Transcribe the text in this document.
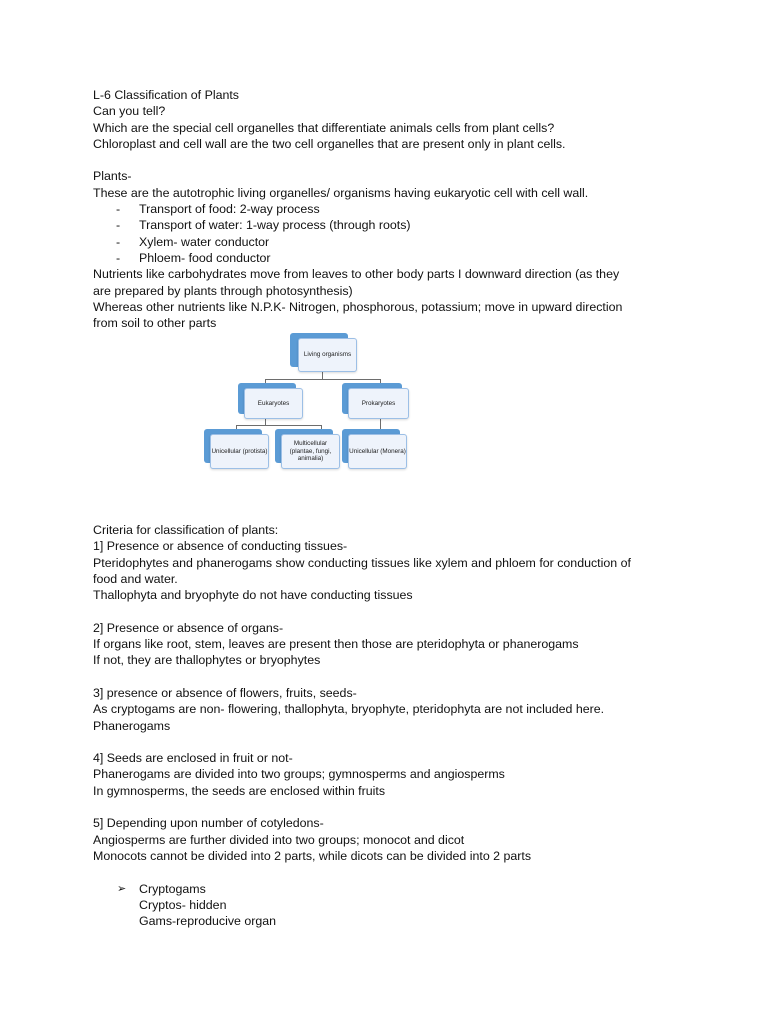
L-6 Classification of Plants
Can you tell?
Which are the special cell organelles that differentiate animals cells from plant cells?
Chloroplast and cell wall are the two cell organelles that are present only in plant cells.
Plants-
These are the autotrophic living organelles/ organisms having eukaryotic cell with cell wall.
- Transport of food: 2-way process
- Transport of water: 1-way process (through roots)
- Xylem- water conductor
- Phloem- food conductor
Nutrients like carbohydrates move from leaves to other body parts I downward direction (as they
are prepared by plants through photosynthesis)
Whereas other nutrients like N.P.K- Nitrogen, phosphorous, potassium; move in upward direction
from soil to other parts
Living organisms
Eukaryotes	Prokaryotes
Unicellular (protista)
Multicellular (plantae, fungi, animalia)
Unicellular (Monera)
Criteria for classification of plants:
1] Presence or absence of conducting tissues-
Pteridophytes and phanerogams show conducting tissues like xylem and phloem for conduction of
food and water.
Thallophyta and bryophyte do not have conducting tissues
2] Presence or absence of organs-
If organs like root, stem, leaves are present then those are pteridophyta or phanerogams
If not, they are thallophytes or bryophytes
3] presence or absence of flowers, fruits, seeds-
As cryptogams are non- flowering, thallophyta, bryophyte, pteridophyta are not included here.
Phanerogams
4] Seeds are enclosed in fruit or not-
Phanerogams are divided into two groups; gymnosperms and angiosperms
In gymnosperms, the seeds are enclosed within fruits
5] Depending upon number of cotyledons-
Angiosperms are further divided into two groups; monocot and dicot
Monocots cannot be divided into 2 parts, while dicots can be divided into 2 parts
➢ Cryptogams
Cryptos- hidden
Gams-reproducive organ
